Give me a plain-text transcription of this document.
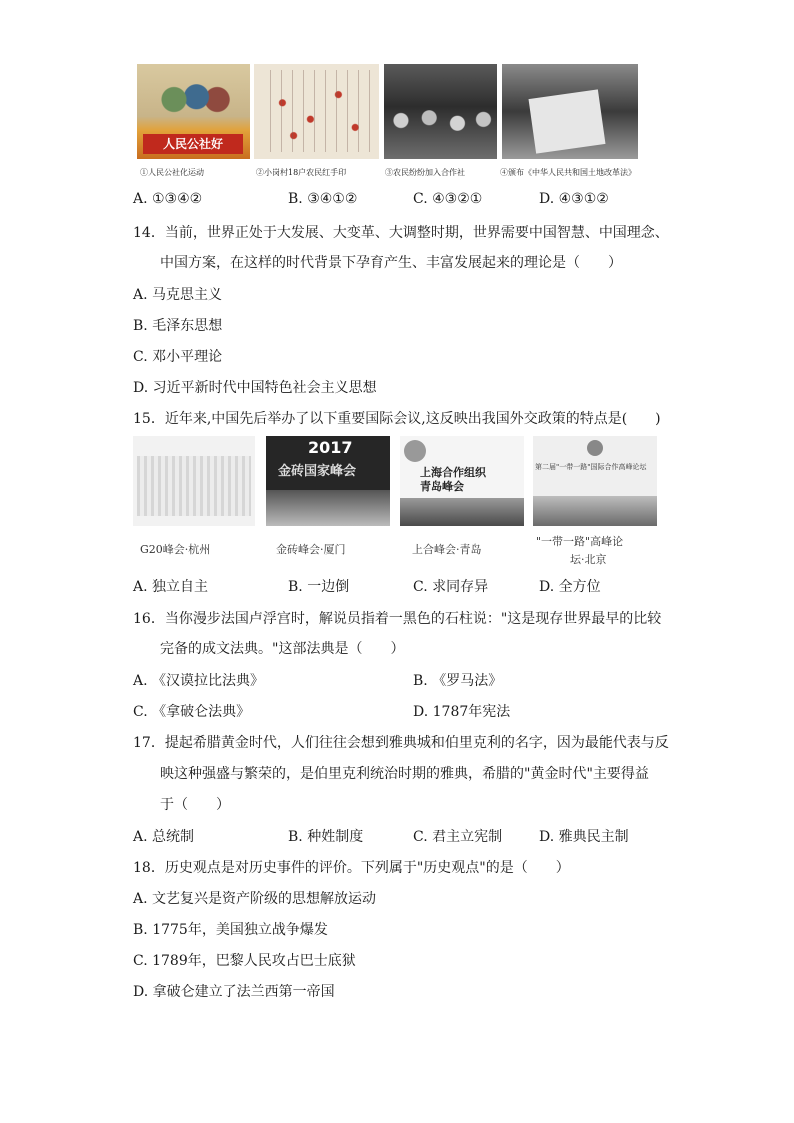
人民公社好
①人民公社化运动	②小岗村18户农民红手印	③农民纷纷加入合作社	④颁布《中华人民共和国土地改革法》
A. ①③④②	B. ③④①②	C. ④③②①	D. ④③①②
14．当前，世界正处于大发展、大变革、大调整时期，世界需要中国智慧、中国理念、
中国方案，在这样的时代背景下孕育产生、丰富发展起来的理论是（　　）
A. 马克思主义
B. 毛泽东思想
C. 邓小平理论
D. 习近平新时代中国特色社会主义思想
15．近年来,中国先后举办了以下重要国际会议,这反映出我国外交政策的特点是(　　)
2017
金砖国家峰会	上海合作组织
青岛峰会
第二届"一带一路"国际合作高峰论坛
G20峰会·杭州	金砖峰会·厦门	上合峰会·青岛
"一带一路"高峰论
坛·北京
A. 独立自主	B. 一边倒	C. 求同存异	D. 全方位
16．当你漫步法国卢浮宫时，解说员指着一黑色的石柱说："这是现存世界最早的比较
完备的成文法典。"这部法典是（　　）
A. 《汉谟拉比法典》	B. 《罗马法》
C. 《拿破仑法典》	D. 1787年宪法
17．提起希腊黄金时代，人们往往会想到雅典城和伯里克利的名字，因为最能代表与反
映这种强盛与繁荣的，是伯里克利统治时期的雅典，希腊的"黄金时代"主要得益
于（　　）
A. 总统制	B. 种姓制度	C. 君主立宪制	D. 雅典民主制
18．历史观点是对历史事件的评价。下列属于"历史观点"的是（　　）
A. 文艺复兴是资产阶级的思想解放运动
B. 1775年，美国独立战争爆发
C. 1789年，巴黎人民攻占巴士底狱
D. 拿破仑建立了法兰西第一帝国
